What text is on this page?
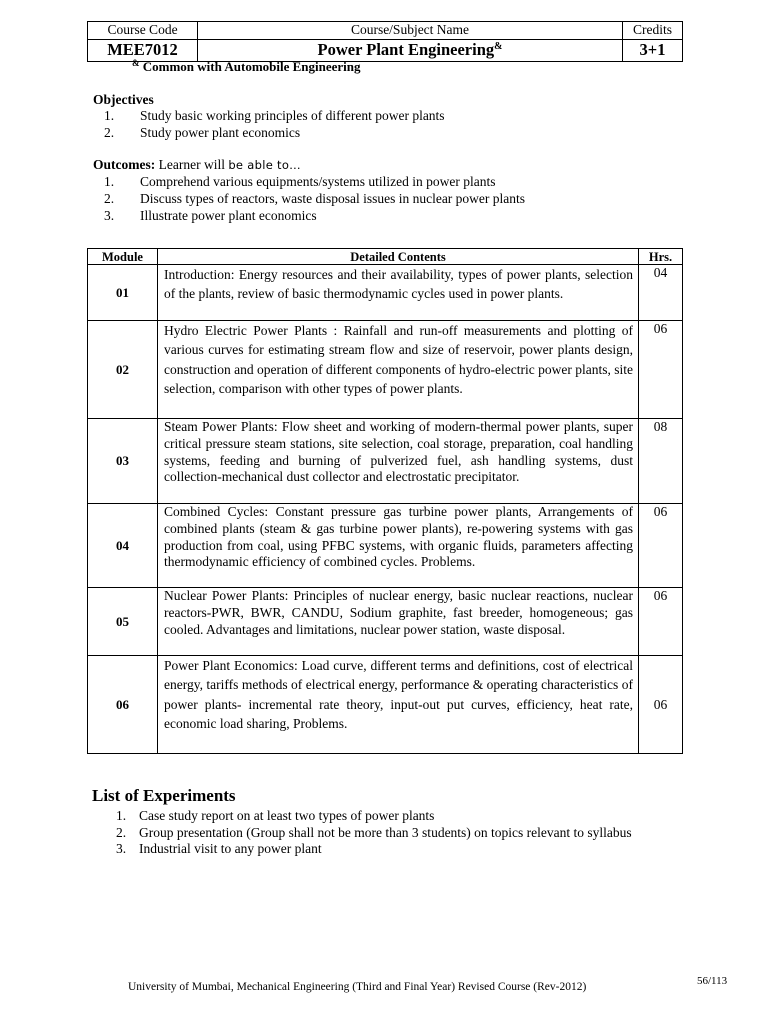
Course Code	Course/Subject Name	Credits
MEE7012	Power Plant Engineering&	3+1
& Common with Automobile Engineering
Objectives
1. Study basic working principles of different power plants
2. Study power plant economics
Outcomes: Learner will be able to…
1. Comprehend various equipments/systems utilized in power plants
2. Discuss types of reactors, waste disposal issues in nuclear power plants
3. Illustrate power plant economics
Module	Detailed Contents	Hrs.
01	Introduction: Energy resources and their availability, types of power plants, selection of the plants, review of basic thermodynamic cycles used in power plants.	04
02	Hydro Electric Power Plants : Rainfall and run-off measurements and plotting of various curves for estimating stream flow and size of reservoir, power plants design, construction and operation of different components of hydro-electric power plants, site selection, comparison with other types of power plants.	06
03	Steam Power Plants: Flow sheet and working of modern-thermal power plants, super critical pressure steam stations, site selection, coal storage, preparation, coal handling systems, feeding and burning of pulverized fuel, ash handling systems, dust collection-mechanical dust collector and electrostatic precipitator.	08
04	Combined Cycles: Constant pressure gas turbine power plants, Arrangements of combined plants (steam & gas turbine power plants), re-powering systems with gas production from coal, using PFBC systems, with organic fluids, parameters affecting thermodynamic efficiency of combined cycles. Problems.	06
05	Nuclear Power Plants: Principles of nuclear energy, basic nuclear reactions, nuclear reactors-PWR, BWR, CANDU, Sodium graphite, fast breeder, homogeneous; gas cooled. Advantages and limitations, nuclear power station, waste disposal.	06
06	Power Plant Economics: Load curve, different terms and definitions, cost of electrical energy, tariffs methods of electrical energy, performance & operating characteristics of power plants- incremental rate theory, input-out put curves, efficiency, heat rate, economic load sharing, Problems.	06
List of Experiments
1. Case study report on at least two types of power plants
2. Group presentation (Group shall not be more than 3 students) on topics relevant to syllabus
3. Industrial visit to any power plant
University of Mumbai, Mechanical Engineering (Third and Final Year) Revised Course (Rev-2012)	56/113
